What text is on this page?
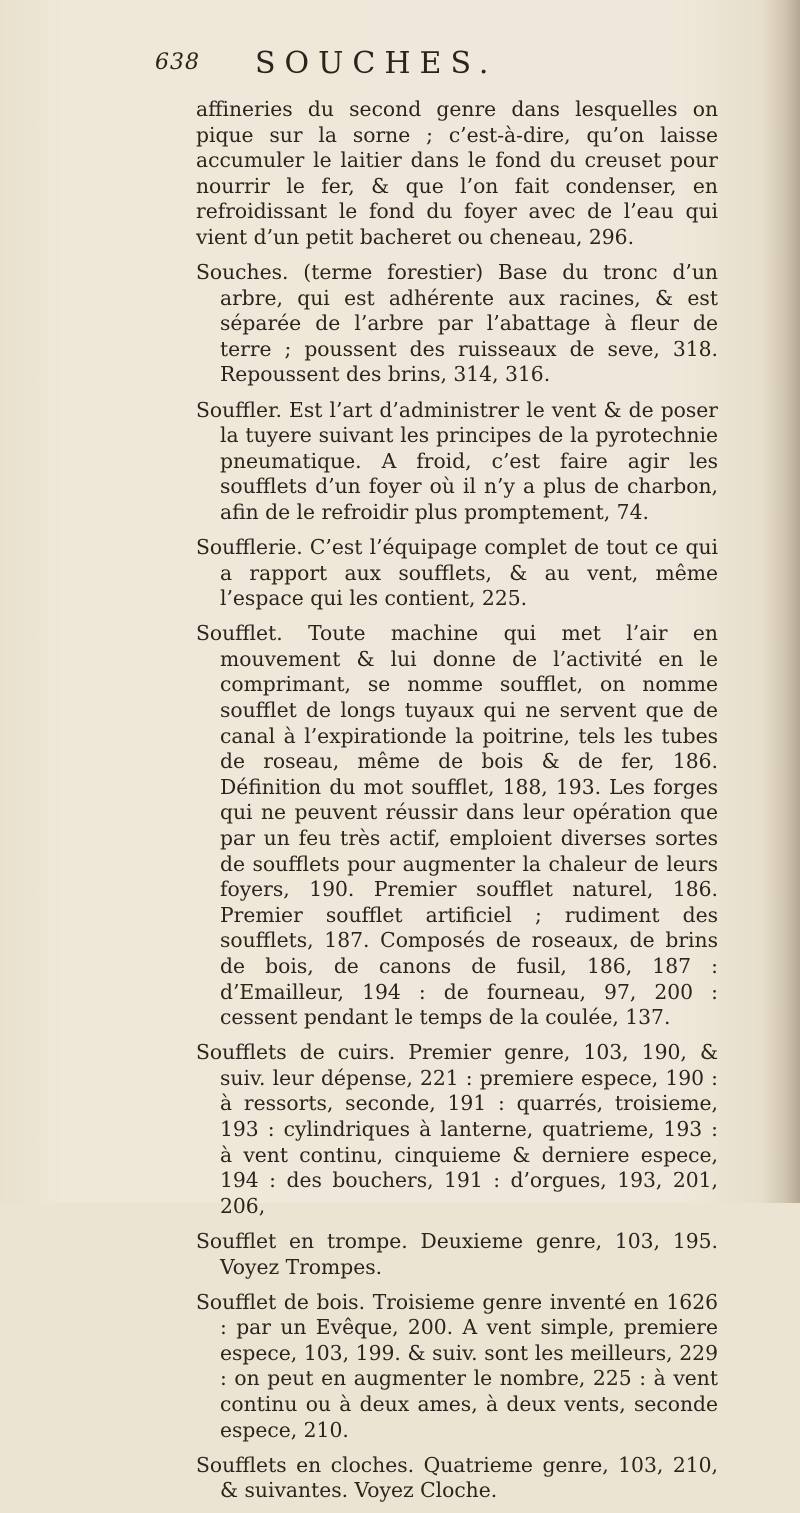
638 SOUCHES.

affineries du second genre dans lesquelles on pique sur la sorne ; c’est-à-dire, qu’on laisse accumuler le laitier dans le fond du creuset pour nourrir le fer, & que l’on fait condenser, en refroidissant le fond du foyer avec de l’eau qui vient d’un petit bacheret ou cheneau, 296.

Souches. (terme forestier) Base du tronc d’un arbre, qui est adhérente aux racines, & est séparée de l’arbre par l’abattage à fleur de terre ; poussent des ruisseaux de seve, 318. Repoussent des brins, 314, 316.

Souffler. Est l’art d’administrer le vent & de poser la tuyere suivant les principes de la pyrotechnie pneumatique. A froid, c’est faire agir les soufflets d’un foyer où il n’y a plus de charbon, afin de le refroidir plus promptement, 74.

Soufflerie. C’est l’équipage complet de tout ce qui a rapport aux soufflets, & au vent, même l’espace qui les contient, 225.

Soufflet. Toute machine qui met l’air en mouvement & lui donne de l’activité en le comprimant, se nomme soufflet, on nomme soufflet de longs tuyaux qui ne servent que de canal à l’expirationde la poitrine, tels les tubes de roseau, même de bois & de fer, 186. Définition du mot soufflet, 188, 193. Les forges qui ne peuvent réussir dans leur opération que par un feu très actif, emploient diverses sortes de soufflets pour augmenter la chaleur de leurs foyers, 190. Premier soufflet naturel, 186. Premier soufflet artificiel ; rudiment des soufflets, 187. Composés de roseaux, de brins de bois, de canons de fusil, 186, 187 : d’Emailleur, 194 : de fourneau, 97, 200 : cessent pendant le temps de la coulée, 137.

Soufflets de cuirs. Premier genre, 103, 190, & suiv. leur dépense, 221 : premiere espece, 190 : à ressorts, seconde, 191 : quarrés, troisieme, 193 : cylindriques à lanterne, quatrieme, 193 : à vent continu, cinquieme & derniere espece, 194 : des bouchers, 191 : d’orgues, 193, 201, 206,

Soufflet en trompe. Deuxieme genre, 103, 195. Voyez Trompes.

Soufflet de bois. Troisieme genre inventé en 1626 : par un Evêque, 200. A vent simple, premiere espece, 103, 199. & suiv. sont les meilleurs, 229 : on peut en augmenter le nombre, 225 : à vent continu ou à deux ames, à deux vents, seconde espece, 210.

Soufflets en cloches. Quatrieme genre, 103, 210, & suivantes. Voyez Cloche.
